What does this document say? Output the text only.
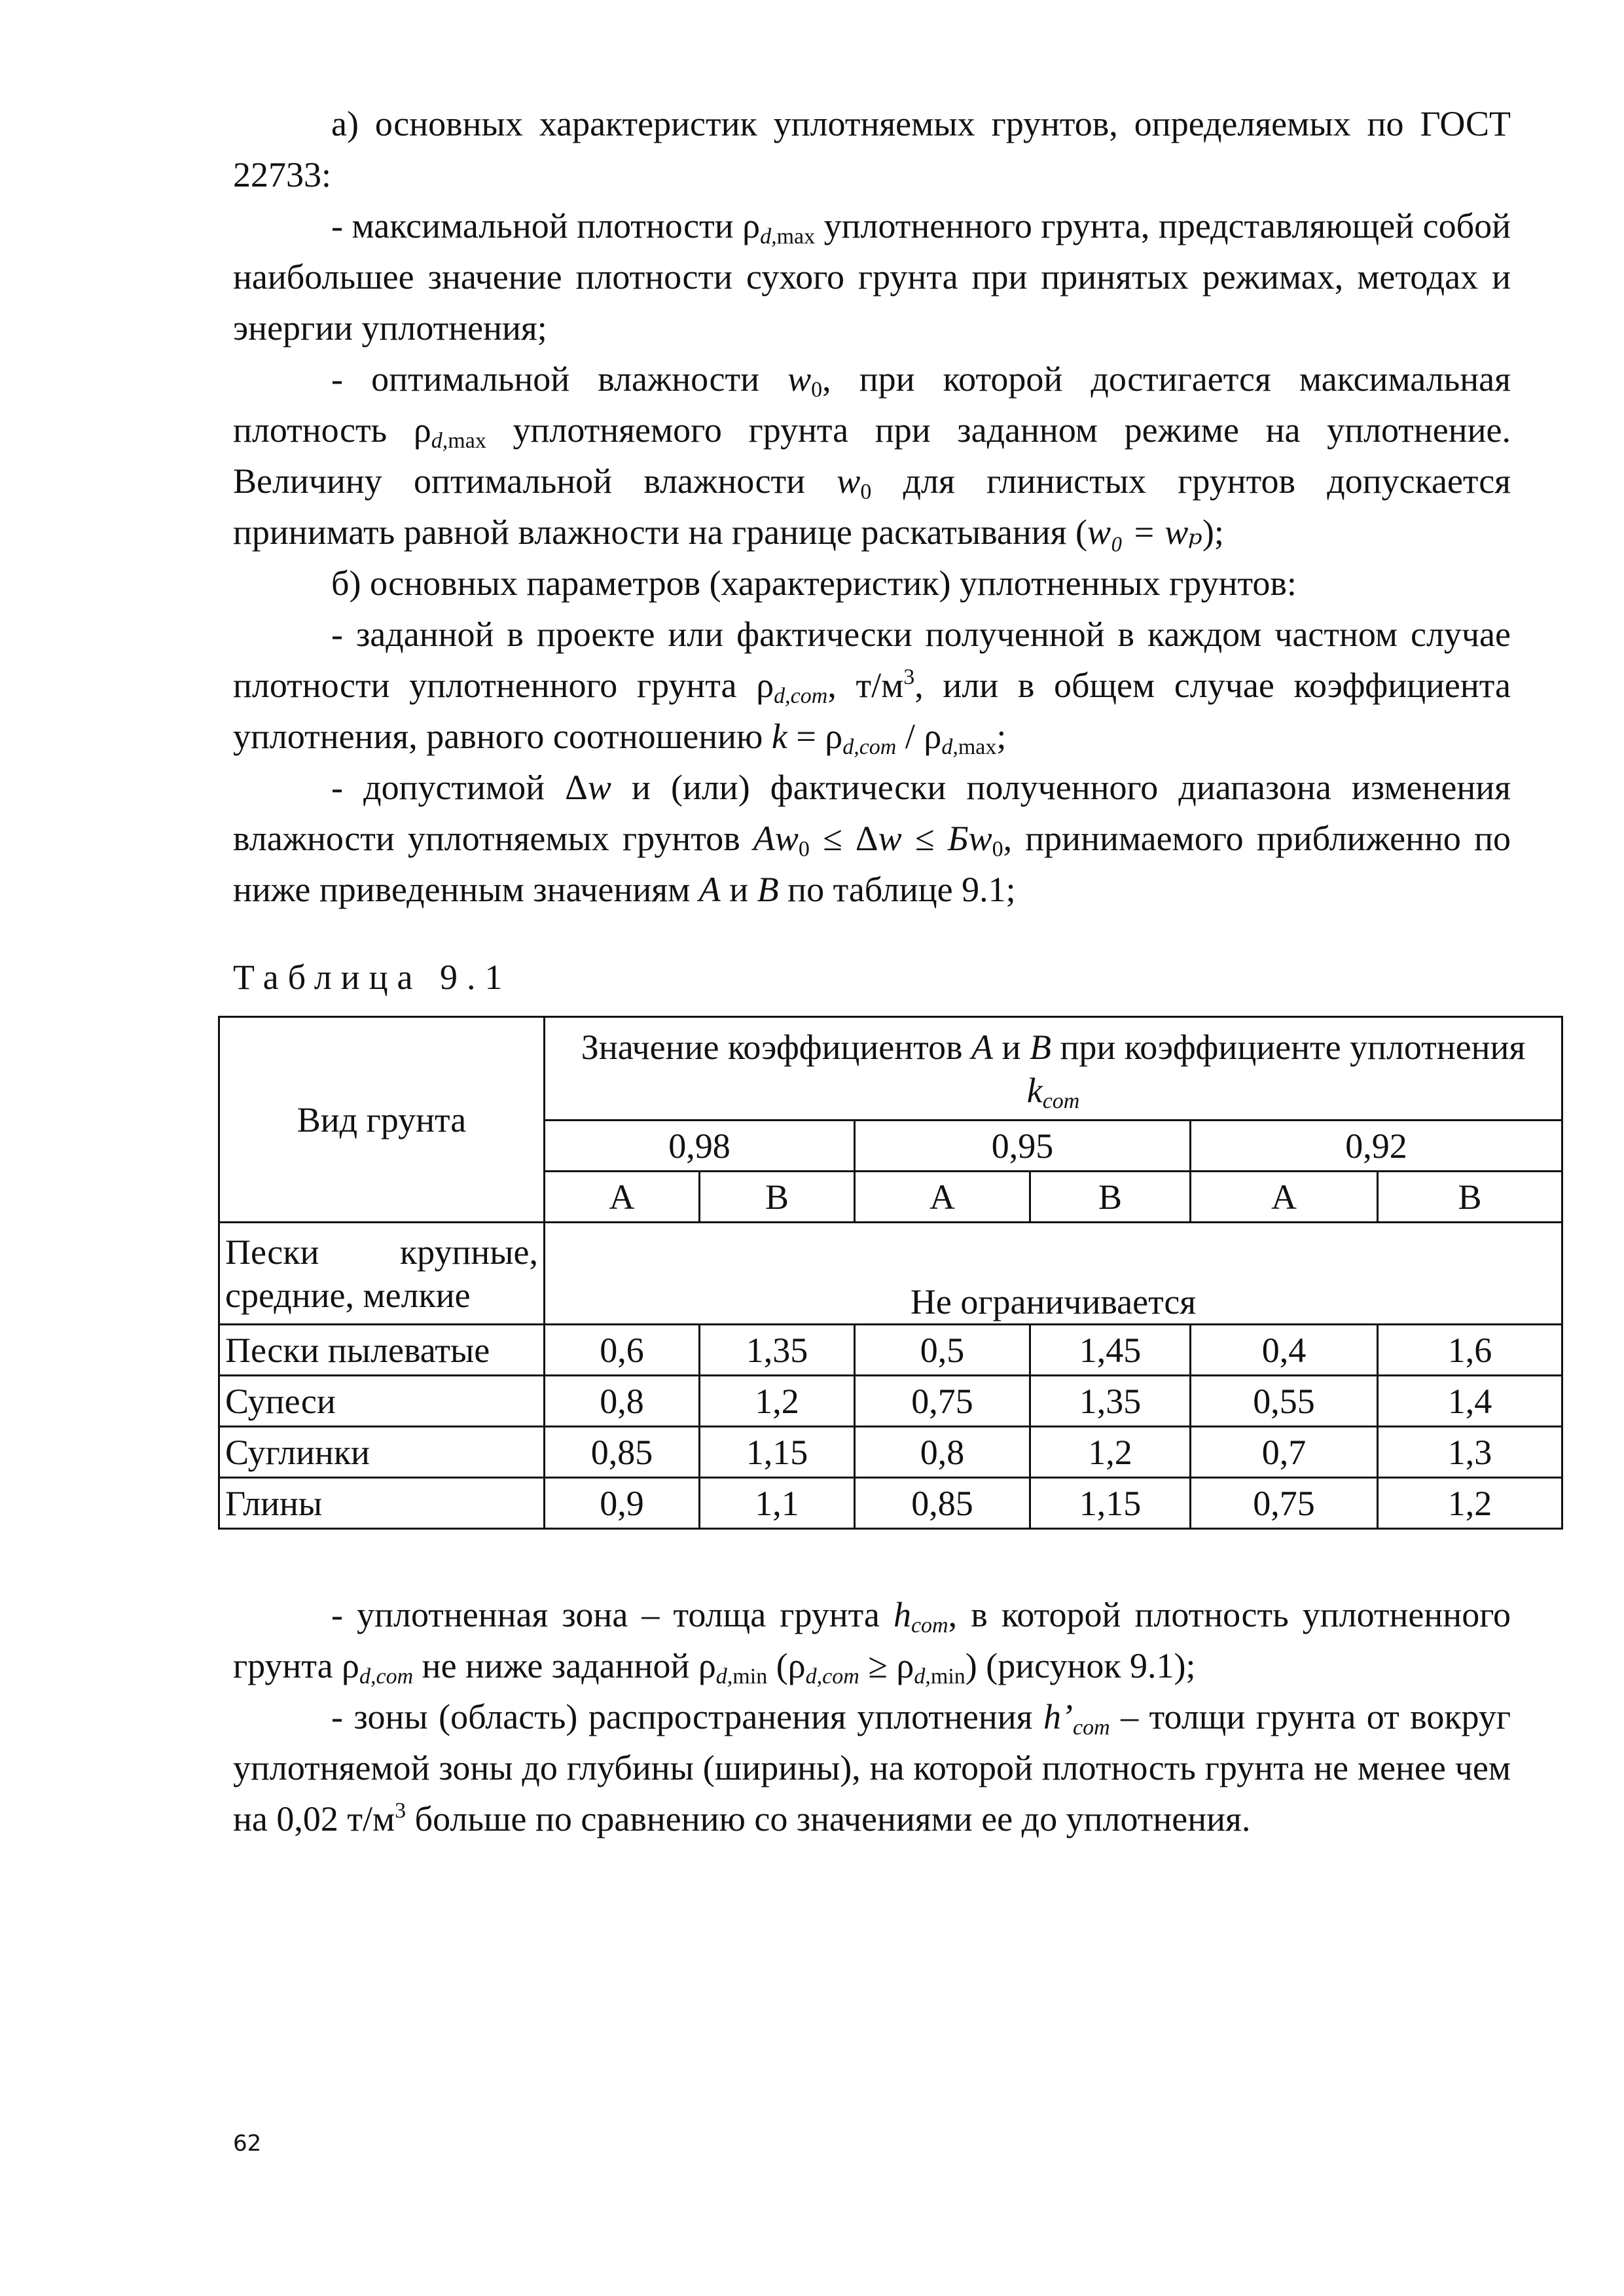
а) основных характеристик уплотняемых грунтов, определяемых по ГОСТ 22733:

- максимальной плотности $\rho_{d,max}$ уплотненного грунта, представляющей собой наибольшее значение плотности сухого грунта при принятых режимах, методах и энергии уплотнения;

- оптимальной влажности $w_0$, при которой достигается максимальная плотность $\rho_{d,max}$ уплотняемого грунта при заданном режиме на уплотнение. Величину оптимальной влажности $w_0$ для глинистых грунтов допускается принимать равной влажности на границе раскатывания (w₀ = wₚ);

б) основных параметров (характеристик) уплотненных грунтов:

- заданной в проекте или фактически полученной в каждом частном случае плотности уплотненного грунта $\rho_{d,com}$, $т/м^3$, или в общем случае коэффициента уплотнения, равного соотношению $k = \rho_{d,com} / \rho_{d,max}$;

- допустимой Δw и (или) фактически полученного диапазона изменения влажности уплотняемых грунтов $Аw_0 \le \Delta w \le Бw_0$, принимаемого приближенно по ниже приведенным значениям А и В по таблице 9.1;

Таблица 9.1
Вид грунта	Значение коэффициентов А и В при коэффициенте уплотнения $k_{com}$
	0,98		0,95		0,92	
	А	В	А	В	А	В
Пески крупные, средние, мелкие	Не ограничивается					
Пески пылеватые	0,6	1,35	0,5	1,45	0,4	1,6
Супеси	0,8	1,2	0,75	1,35	0,55	1,4
Суглинки	0,85	1,15	0,8	1,2	0,7	1,3
Глины	0,9	1,1	0,85	1,15	0,75	1,2

- уплотненная зона – толща грунта $h_{com}$, в которой плотность уплотненного грунта $\rho_{d,com}$ не ниже заданной $\rho_{d,min}$ $(\rho_{d,com} \ge \rho_{d,min})$ (рисунок 9.1);

- зоны (область) распространения уплотнения $h’_{com}$ – толщи грунта от вокруг уплотняемой зоны до глубины (ширины), на которой плотность грунта не менее чем на 0,02 $т/м^3$ больше по сравнению со значениями ее до уплотнения.

62
